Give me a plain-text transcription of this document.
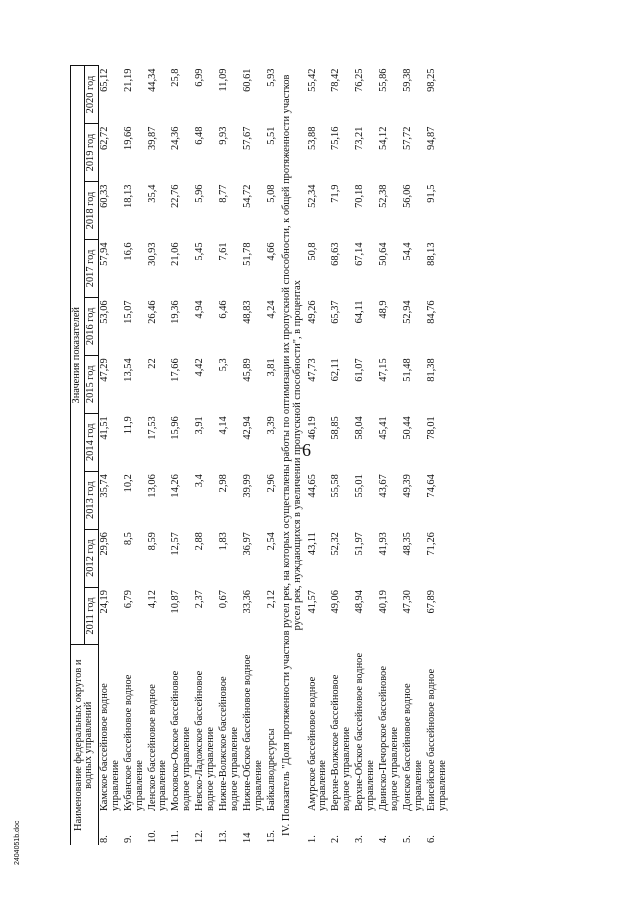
6
Наименование федеральных округов и водных управлений		Значения показателей									
		2011 год	2012 год	2013 год	2014 год	2015 год	2016 год	2017 год	2018 год	2019 год	2020 год
8.	Камское бассейновое водное управление	24,19	29,96	35,74	41,51	47,29	53,06	57,94	60,33	62,72	65,12
9.	Кубанское бассейновое водное управление	6,79	8,5	10,2	11,9	13,54	15,07	16,6	18,13	19,66	21,19
10.	Ленское бассейновое водное управление	4,12	8,59	13,06	17,53	22	26,46	30,93	35,4	39,87	44,34
11.	Московско-Окское бассейновое водное управление	10,87	12,57	14,26	15,96	17,66	19,36	21,06	22,76	24,36	25,8
12.	Невско-Ладожское бассейновое водное управление	2,37	2,88	3,4	3,91	4,42	4,94	5,45	5,96	6,48	6,99
13.	Нижне-Волжское бассейновое водное управление	0,67	1,83	2,98	4,14	5,3	6,46	7,61	8,77	9,93	11,09
14	Нижне-Обское бассейновое водное управление	33,36	36,97	39,99	42,94	45,89	48,83	51,78	54,72	57,67	60,61
15.	Байкалводресурсы	2,12	2,54	2,96	3,39	3,81	4,24	4,66	5,08	5,51	5,93
IV. Показатель "Доля протяженности участков русел рек, на которых осуществлены работы по оптимизации их пропускной способности, к общей протяженности участков русел рек, нуждающихся в увеличении пропускной способности", в процентах											
1.	Амурское бассейновое водное управление	41,57	43,11	44,65	46,19	47,73	49,26	50,8	52,34	53,88	55,42
2.	Верхне-Волжское бассейновое водное управление	49,06	52,32	55,58	58,85	62,11	65,37	68,63	71,9	75,16	78,42
3.	Верхне-Обское бассейновое водное управление	48,94	51,97	55,01	58,04	61,07	64,11	67,14	70,18	73,21	76,25
4.	Двинско-Печорское бассейновое водное управление	40,19	41,93	43,67	45,41	47,15	48,9	50,64	52,38	54,12	55,86
5.	Донское бассейновое водное управление	47,30	48,35	49,39	50,44	51,48	52,94	54,4	56,06	57,72	59,38
6.	Енисейское бассейновое водное управление	67,89	71,26	74,64	78,01	81,38	84,76	88,13	91,5	94,87	98,25
2404051b.doc
